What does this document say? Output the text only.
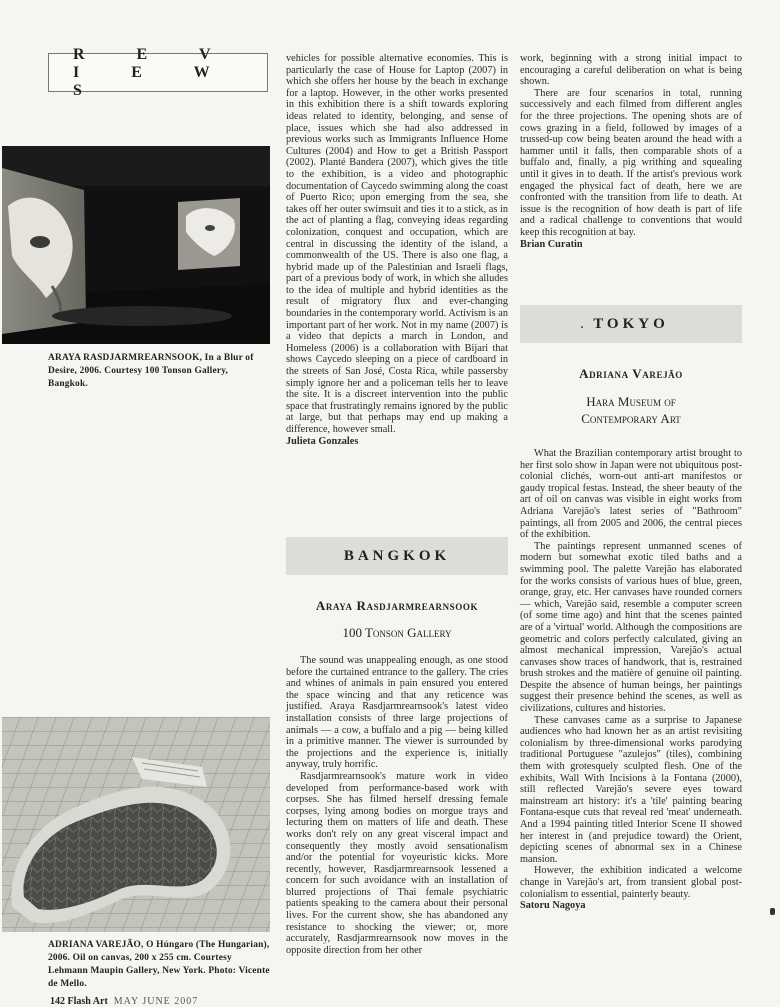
R E V I E W S
ARAYA RASDJARMREARNSOOK, In a Blur of Desire, 2006. Courtesy 100 Tonson Gallery, Bangkok.
ADRIANA VAREJÃO, O Húngaro (The Hungarian), 2006. Oil on canvas, 200 x 255 cm. Courtesy Lehmann Maupin Gallery, New York. Photo: Vicente de Mello.

vehicles for possible alternative economies. This is particularly the case of House for Laptop (2007) in which she offers her house by the beach in exchange for a laptop. However, in the other works presented in this exhibition there is a shift towards exploring ideas related to identity, belonging, and sense of place, issues which she had also addressed in previous works such as Immigrants Influence Home Cultures (2004) and How to get a British Passport (2002). Planté Bandera (2007), which gives the title to the exhibition, is a video and photographic documentation of Caycedo swimming along the coast of Puerto Rico; upon emerging from the sea, she takes off her outer swimsuit and ties it to a stick, as in the act of planting a flag, conveying ideas regarding colonization, conquest and occupation, which are central in discussing the identity of the island, a commonwealth of the US. There is also one flag, a hybrid made up of the Palestinian and Israeli flags, part of a previous body of work, in which she alludes to the idea of multiple and hybrid identities as the result of migratory flux and ever-changing boundaries in the contemporary world. Activism is an important part of her work. Not in my name (2007) is a video that depicts a march in London, and Homeless (2006) is a collaboration with Bijari that shows Caycedo sleeping on a piece of cardboard in the streets of San José, Costa Rica, while passersby simply ignore her and a policeman tells her to leave the site. It is a discreet intervention into the public space that frustratingly remains ignored by the public at large, but that perhaps may end up making a difference, however small.

Julieta Gonzales

BANGKOK
Araya Rasdjarmrearnsook
100 Tonson Gallery

The sound was unappealing enough, as one stood before the curtained entrance to the gallery. The cries and whines of animals in pain ensured you entered the space wincing and that any reticence was justified. Araya Rasdjarmrearnsook's latest video installation consists of three large projections of animals — a cow, a buffalo and a pig — being killed in a primitive manner. The viewer is surrounded by the projections and the experience is, initially anyway, truly horrific.

Rasdjarmrearnsook's mature work in video developed from performance-based work with corpses. She has filmed herself dressing female corpses, lying among bodies on morgue trays and lecturing them on matters of life and death. These works don't rely on any great visceral impact and consequently they mostly avoid sensationalism and/or the potential for voyeuristic kicks. More recently, however, Rasdjarmrearnsook lessened a concern for such avoidance with an installation of blurred projections of Thai female psychiatric patients speaking to the camera about their personal lives. For the current show, she has abandoned any resistance to shocking the viewer; or, more accurately, Rasdjarmrearnsook now moves in the opposite direction from her other

work, beginning with a strong initial impact to encouraging a careful deliberation on what is being shown.

There are four scenarios in total, running successively and each filmed from different angles for the three projections. The opening shots are of cows grazing in a field, followed by images of a trussed-up cow being beaten around the head with a hammer until it falls, then comparable shots of a buffalo and, finally, a pig writhing and squealing until it gives in to death. If the artist's previous work engaged the physical fact of death, here we are confronted with the transition from life to death. At issue is the recognition of how death is part of life and a radical challenge to conventions that would keep this recognition at bay.

Brian Curatin

TOKYO
·
Adriana Varejão
Hara Museum of
Contemporary Art

What the Brazilian contemporary artist brought to her first solo show in Japan were not ubiquitous post-colonial clichés, worn-out anti-art manifestos or gaudy tropical festas. Instead, the sheer beauty of the art of oil on canvas was visible in eight works from Adriana Varejão's latest series of "Bathroom" paintings, all from 2005 and 2006, the central pieces of the exhibition.

The paintings represent unmanned scenes of modern but somewhat exotic tiled baths and a swimming pool. The palette Varejão has elaborated for the works consists of various hues of blue, green, orange, gray, etc. Her canvases have rounded corners — which, Varejão said, resemble a computer screen (of some time ago) and hint that the scenes painted are of a 'virtual' world. Although the compositions are geometric and colors perfectly calculated, giving an almost mechanical impression, Varejão's actual canvases show traces of handwork, that is, restrained brush strokes and the matière of genuine oil painting. Despite the absence of human beings, her paintings suggest their presence behind the scenes, as well as civilizations, cultures and histories.

These canvases came as a surprise to Japanese audiences who had known her as an artist revisiting colonialism by three-dimensional works parodying traditional Portuguese "azulejos" (tiles), combining them with grotesquely sculpted flesh. One of the exhibits, Wall With Incisions à la Fontana (2000), still reflected Varejão's severe eyes toward mainstream art history: it's a 'tile' painting bearing Fontana-esque cuts that reveal red 'meat' underneath. And a 1994 painting titled Interior Scene II showed her interest in (and prejudice toward) the Orient, depicting scenes of abnormal sex in a Chinese mansion.

However, the exhibition indicated a welcome change in Varejão's art, from transient global post-colonialism to essential, painterly beauty.

Satoru Nagoya

142 Flash Art MAY JUNE 2007
